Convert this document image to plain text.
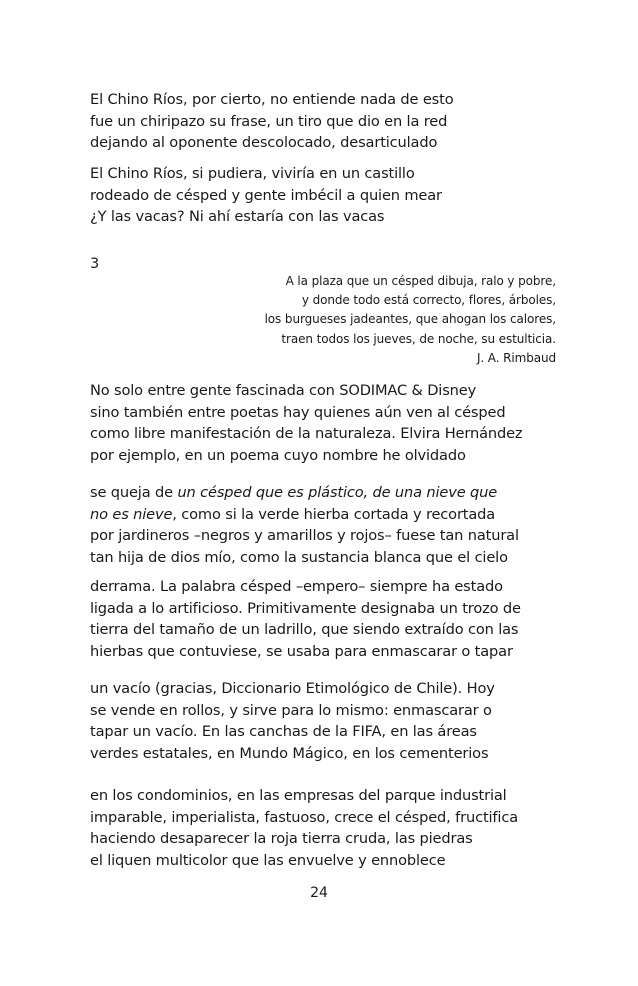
El Chino Ríos, por cierto, no entiende nada de esto
fue un chiripazo su frase, un tiro que dio en la red
dejando al oponente descolocado, desarticulado
El Chino Ríos, si pudiera, viviría en un castillo
rodeado de césped y gente imbécil a quien mear
¿Y las vacas? Ni ahí estaría con las vacas
3
A la plaza que un césped dibuja, ralo y pobre,
y donde todo está correcto, flores, árboles,
los burgueses jadeantes, que ahogan los calores,
traen todos los jueves, de noche, su estulticia.
J. A. Rimbaud
No solo entre gente fascinada con SODIMAC & Disney
sino también entre poetas hay quienes aún ven al césped
como libre manifestación de la naturaleza. Elvira Hernández
por ejemplo, en un poema cuyo nombre he olvidado
se queja de un césped que es plástico, de una nieve que
no es nieve, como si la verde hierba cortada y recortada
por jardineros –negros y amarillos y rojos– fuese tan natural
tan hija de dios mío, como la sustancia blanca que el cielo
derrama. La palabra césped –empero– siempre ha estado
ligada a lo artificioso. Primitivamente designaba un trozo de
tierra del tamaño de un ladrillo, que siendo extraído con las
hierbas que contuviese, se usaba para enmascarar o tapar
un vacío (gracias, Diccionario Etimológico de Chile). Hoy
se vende en rollos, y sirve para lo mismo: enmascarar o
tapar un vacío. En las canchas de la FIFA, en las áreas
verdes estatales, en Mundo Mágico, en los cementerios
en los condominios, en las empresas del parque industrial
imparable, imperialista, fastuoso, crece el césped, fructifica
haciendo desaparecer la roja tierra cruda, las piedras
el liquen multicolor que las envuelve y ennoblece
24
